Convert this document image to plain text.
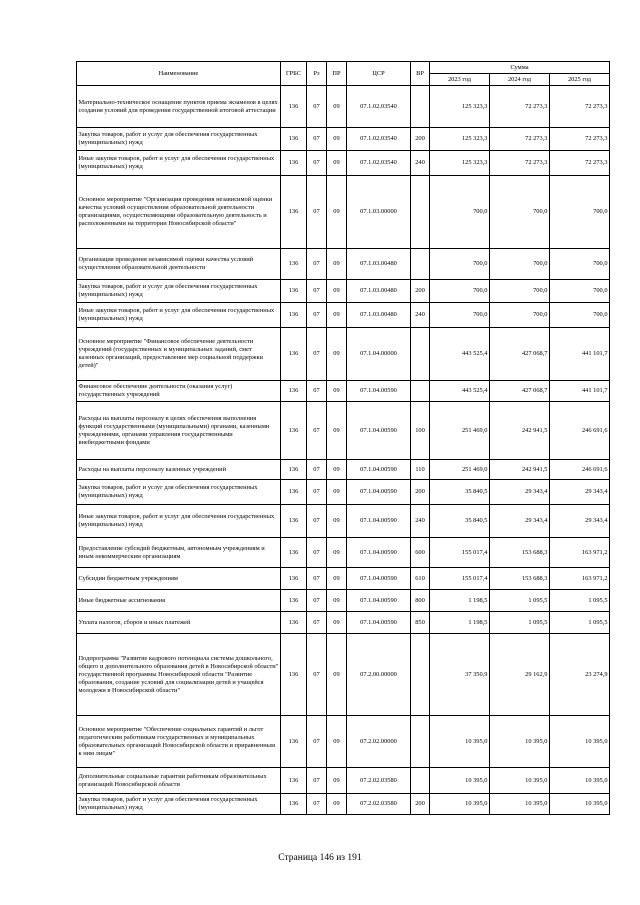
Наименование	ГРБС	Рз	ПР	ЦСР	ВР	Сумма		
						2023 год	2024 год	2025 год
Материально-техническое оснащение пунктов приема экзаменов в целях создания условий для проведения государственной итоговой аттестации	136	07	09	07.1.02.03540		125 323,3	72 273,3	72 273,3
Закупка товаров, работ и услуг для обеспечения государственных (муниципальных) нужд	136	07	09	07.1.02.03540	200	125 323,3	72 273,3	72 273,3
Иные закупки товаров, работ и услуг для обеспечения государственных (муниципальных) нужд	136	07	09	07.1.02.03540	240	125 323,3	72 273,3	72 273,3
Основное мероприятие "Организация проведения независимой оценки качества условий осуществления образовательной деятельности организациями, осуществляющими образовательную деятельность и расположенными на территории Новосибирской области"	136	07	09	07.1.03.00000		700,0	700,0	700,0
Организация проведения независимой оценки качества условий осуществления образовательной деятельности	136	07	09	07.1.03.00480		700,0	700,0	700,0
Закупка товаров, работ и услуг для обеспечения государственных (муниципальных) нужд	136	07	09	07.1.03.00480	200	700,0	700,0	700,0
Иные закупки товаров, работ и услуг для обеспечения государственных (муниципальных) нужд	136	07	09	07.1.03.00480	240	700,0	700,0	700,0
Основное мероприятие "Финансовое обеспечение деятельности учреждений (государственных и муниципальных заданий, смет казенных организаций, предоставление мер социальной поддержки детей)"	136	07	09	07.1.04.00000		443 525,4	427 068,7	441 101,7
Финансовое обеспечение деятельности (оказания услуг) государственных учреждений	136	07	09	07.1.04.00590		443 525,4	427 068,7	441 101,7
Расходы на выплаты персоналу в целях обеспечения выполнения функций государственными (муниципальными) органами, казенными учреждениями, органами управления государственными внебюджетными фондами	136	07	09	07.1.04.00590	100	251 469,0	242 941,5	246 691,6
Расходы на выплаты персоналу казенных учреждений	136	07	09	07.1.04.00590	110	251 469,0	242 941,5	246 691,6
Закупка товаров, работ и услуг для обеспечения государственных (муниципальных) нужд	136	07	09	07.1.04.00590	200	35 840,5	29 343,4	29 343,4
Иные закупки товаров, работ и услуг для обеспечения государственных (муниципальных) нужд	136	07	09	07.1.04.00590	240	35 840,5	29 343,4	29 343,4
Предоставление субсидий бюджетным, автономным учреждениям и иным некоммерческим организациям	136	07	09	07.1.04.00590	600	155 017,4	153 688,3	163 971,2
Субсидии бюджетным учреждениям	136	07	09	07.1.04.00590	610	155 017,4	153 688,3	163 971,2
Иные бюджетные ассигнования	136	07	09	07.1.04.00590	800	1 198,5	1 095,5	1 095,5
Уплата налогов, сборов и иных платежей	136	07	09	07.1.04.00590	850	1 198,5	1 095,5	1 095,5
Подпрограмма "Развитие кадрового потенциала системы дошкольного, общего и дополнительного образования детей в Новосибирской области" государственной программы Новосибирской области "Развитие образования, создание условий для социализации детей и учащейся молодежи в Новосибирской области"	136	07	09	07.2.00.00000		37 350,9	29 162,9	23 274,9
Основное мероприятие "Обеспечение социальных гарантий и льгот педагогическим работникам государственных и муниципальных образовательных организаций Новосибирской области и приравненным к ним лицам"	136	07	09	07.2.02.00000		10 395,0	10 395,0	10 395,0
Дополнительные социальные гарантии работникам образовательных организаций Новосибирской области	136	07	09	07.2.02.03580		10 395,0	10 395,0	10 395,0
Закупка товаров, работ и услуг для обеспечения государственных (муниципальных) нужд	136	07	09	07.2.02.03580	200	10 395,0	10 395,0	10 395,0
Страница 146 из 191
